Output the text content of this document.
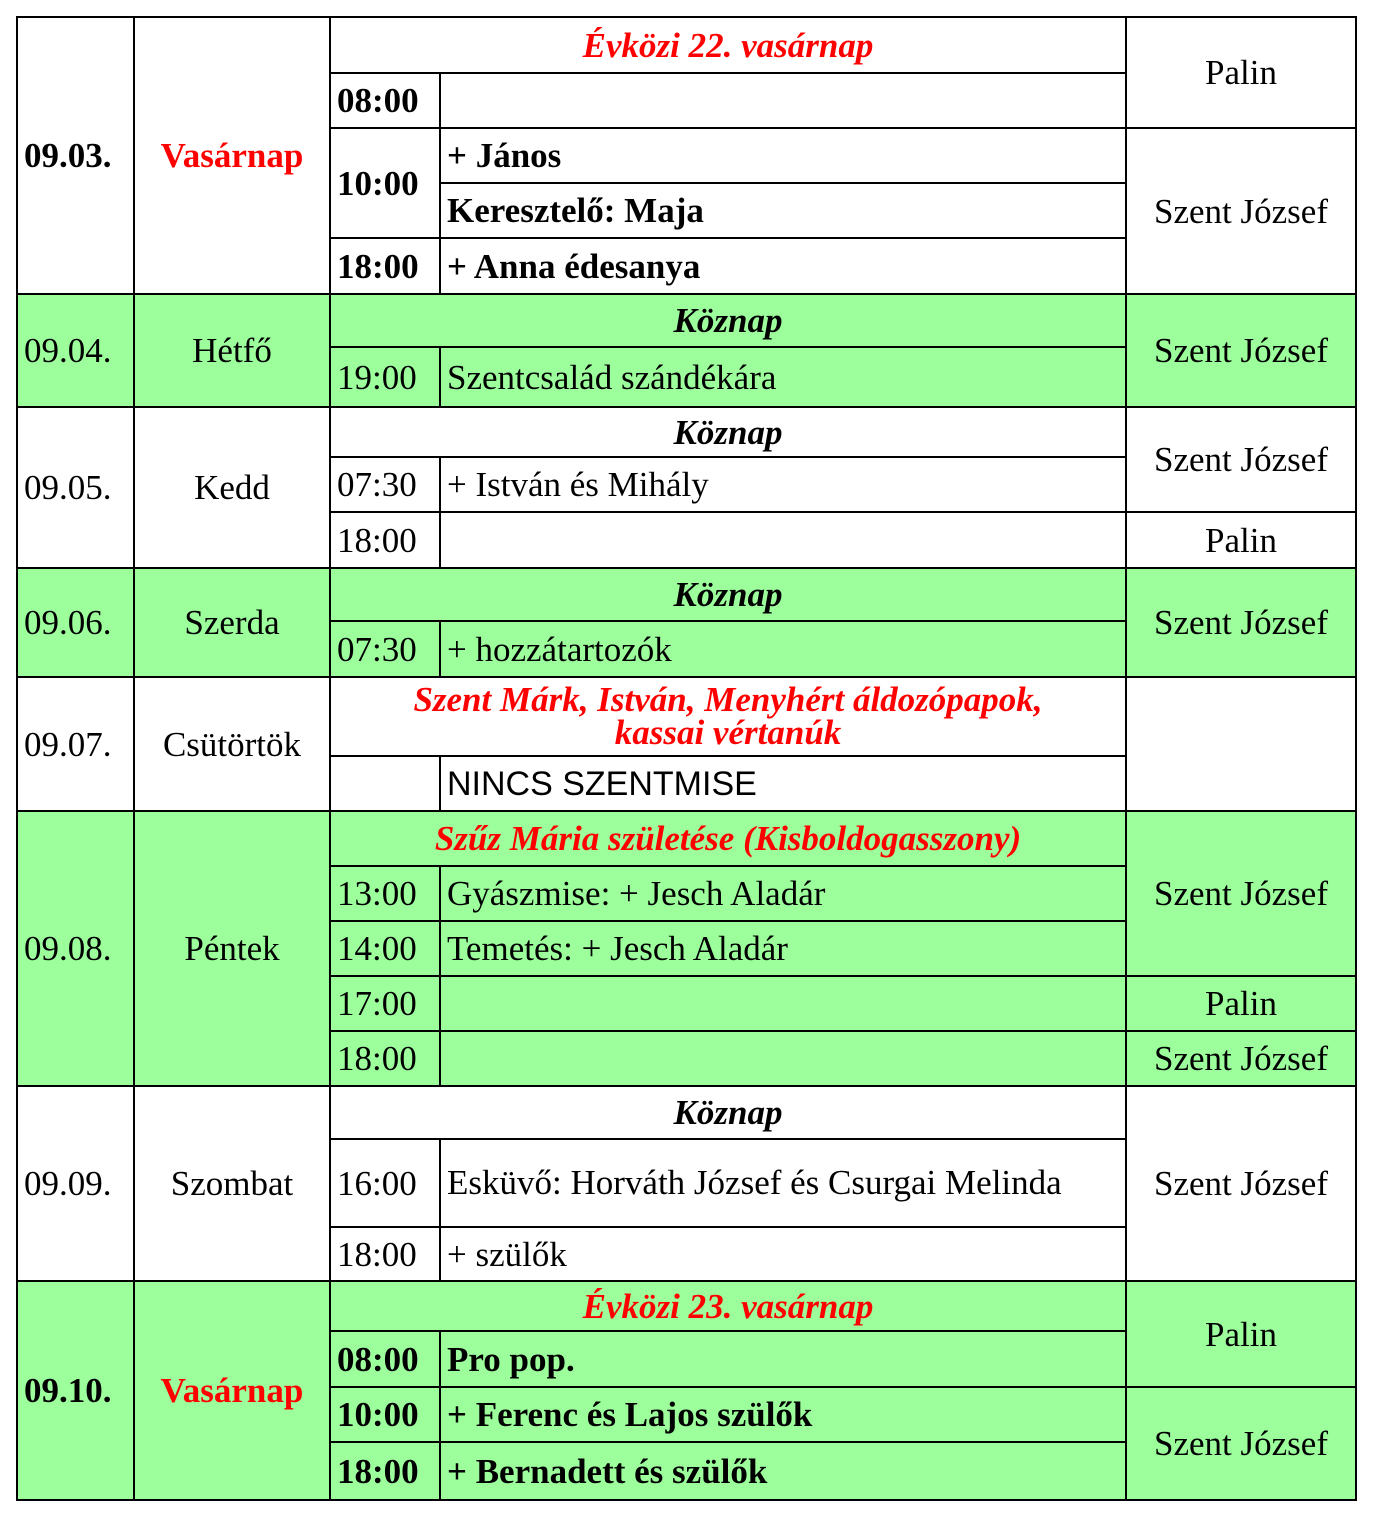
09.03.	Vasárnap	Évközi 22. vasárnap		Palin
		08:00		
		10:00	+ János	Szent József
			Keresztelő: Maja	
		18:00	+ Anna édesanya	
09.04.	Hétfő	Köznap		Szent József
		19:00	Szentcsalád szándékára	
09.05.	Kedd	Köznap		Szent József
		07:30	+ István és Mihály	
		18:00		Palin
09.06.	Szerda	Köznap		Szent József
		07:30	+ hozzátartozók	
09.07.	Csütörtök	Szent Márk, István, Menyhért áldozópapok, kassai vértanúk		
			NINCS SZENTMISE	
09.08.	Péntek	Szűz Mária születése (Kisboldogasszony)		Szent József
		13:00	Gyászmise: + Jesch Aladár	
		14:00	Temetés: + Jesch Aladár	
		17:00		Palin
		18:00		Szent József
09.09.	Szombat	Köznap		Szent József
		16:00	Esküvő: Horváth József és Csurgai Melinda	
		18:00	+ szülők	
09.10.	Vasárnap	Évközi 23. vasárnap		Palin
		08:00	Pro pop.	
		10:00	+ Ferenc és Lajos szülők	Szent József
		18:00	+ Bernadett és szülők	
